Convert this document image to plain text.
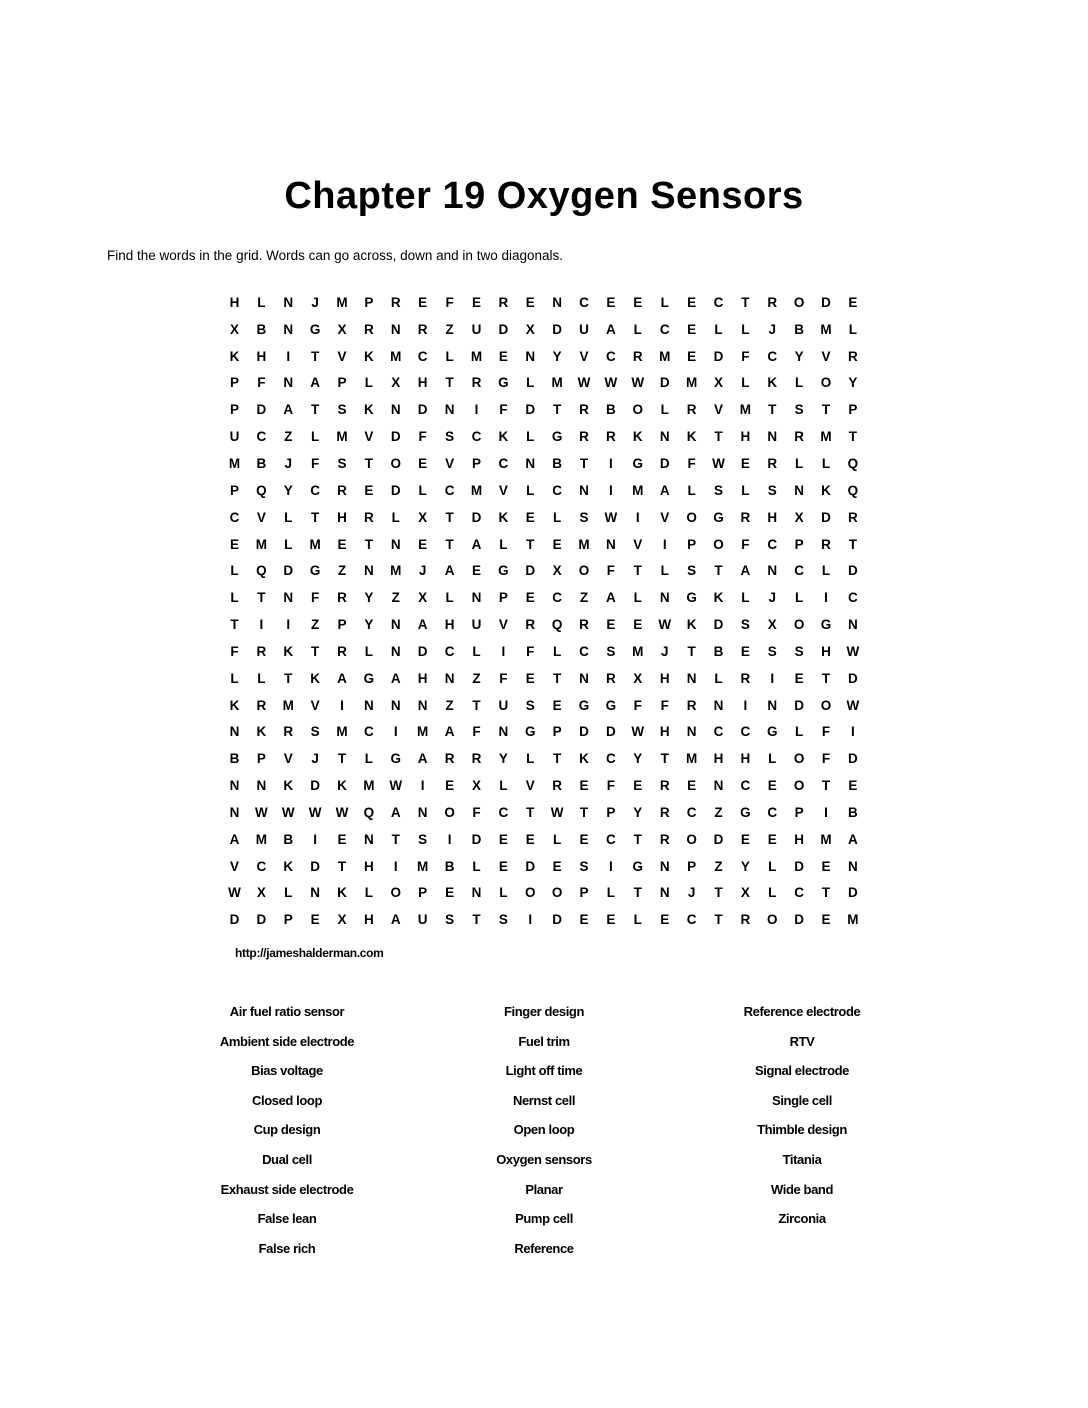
Chapter 19 Oxygen Sensors

Find the words in the grid. Words can go across, down and in two diagonals.

H	L	N	J	M	P	R	E	F	E	R	E	N	C	E	E	L	E	C	T	R	O	D	E
X	B	N	G	X	R	N	R	Z	U	D	X	D	U	A	L	C	E	L	L	J	B	M	L
K	H	I	T	V	K	M	C	L	M	E	N	Y	V	C	R	M	E	D	F	C	Y	V	R
P	F	N	A	P	L	X	H	T	R	G	L	M	W	W	W	D	M	X	L	K	L	O	Y
P	D	A	T	S	K	N	D	N	I	F	D	T	R	B	O	L	R	V	M	T	S	T	P
U	C	Z	L	M	V	D	F	S	C	K	L	G	R	R	K	N	K	T	H	N	R	M	T
M	B	J	F	S	T	O	E	V	P	C	N	B	T	I	G	D	F	W	E	R	L	L	Q
P	Q	Y	C	R	E	D	L	C	M	V	L	C	N	I	M	A	L	S	L	S	N	K	Q
C	V	L	T	H	R	L	X	T	D	K	E	L	S	W	I	V	O	G	R	H	X	D	R
E	M	L	M	E	T	N	E	T	A	L	T	E	M	N	V	I	P	O	F	C	P	R	T
L	Q	D	G	Z	N	M	J	A	E	G	D	X	O	F	T	L	S	T	A	N	C	L	D
L	T	N	F	R	Y	Z	X	L	N	P	E	C	Z	A	L	N	G	K	L	J	L	I	C
T	I	I	Z	P	Y	N	A	H	U	V	R	Q	R	E	E	W	K	D	S	X	O	G	N
F	R	K	T	R	L	N	D	C	L	I	F	L	C	S	M	J	T	B	E	S	S	H	W
L	L	T	K	A	G	A	H	N	Z	F	E	T	N	R	X	H	N	L	R	I	E	T	D
K	R	M	V	I	N	N	N	Z	T	U	S	E	G	G	F	F	R	N	I	N	D	O	W
N	K	R	S	M	C	I	M	A	F	N	G	P	D	D	W	H	N	C	C	G	L	F	I
B	P	V	J	T	L	G	A	R	R	Y	L	T	K	C	Y	T	M	H	H	L	O	F	D
N	N	K	D	K	M	W	I	E	X	L	V	R	E	F	E	R	E	N	C	E	O	T	E
N	W	W	W	W	Q	A	N	O	F	C	T	W	T	P	Y	R	C	Z	G	C	P	I	B
A	M	B	I	E	N	T	S	I	D	E	E	L	E	C	T	R	O	D	E	E	H	M	A
V	C	K	D	T	H	I	M	B	L	E	D	E	S	I	G	N	P	Z	Y	L	D	E	N
W	X	L	N	K	L	O	P	E	N	L	O	O	P	L	T	N	J	T	X	L	C	T	D
D	D	P	E	X	H	A	U	S	T	S	I	D	E	E	L	E	C	T	R	O	D	E	M
http://jameshalderman.com
Air fuel ratio sensor
Ambient side electrode
Bias voltage
Closed loop
Cup design
Dual cell
Exhaust side electrode
False lean
False rich
Finger design
Fuel trim
Light off time
Nernst cell
Open loop
Oxygen sensors
Planar
Pump cell
Reference
Reference electrode
RTV
Signal electrode
Single cell
Thimble design
Titania
Wide band
Zirconia
